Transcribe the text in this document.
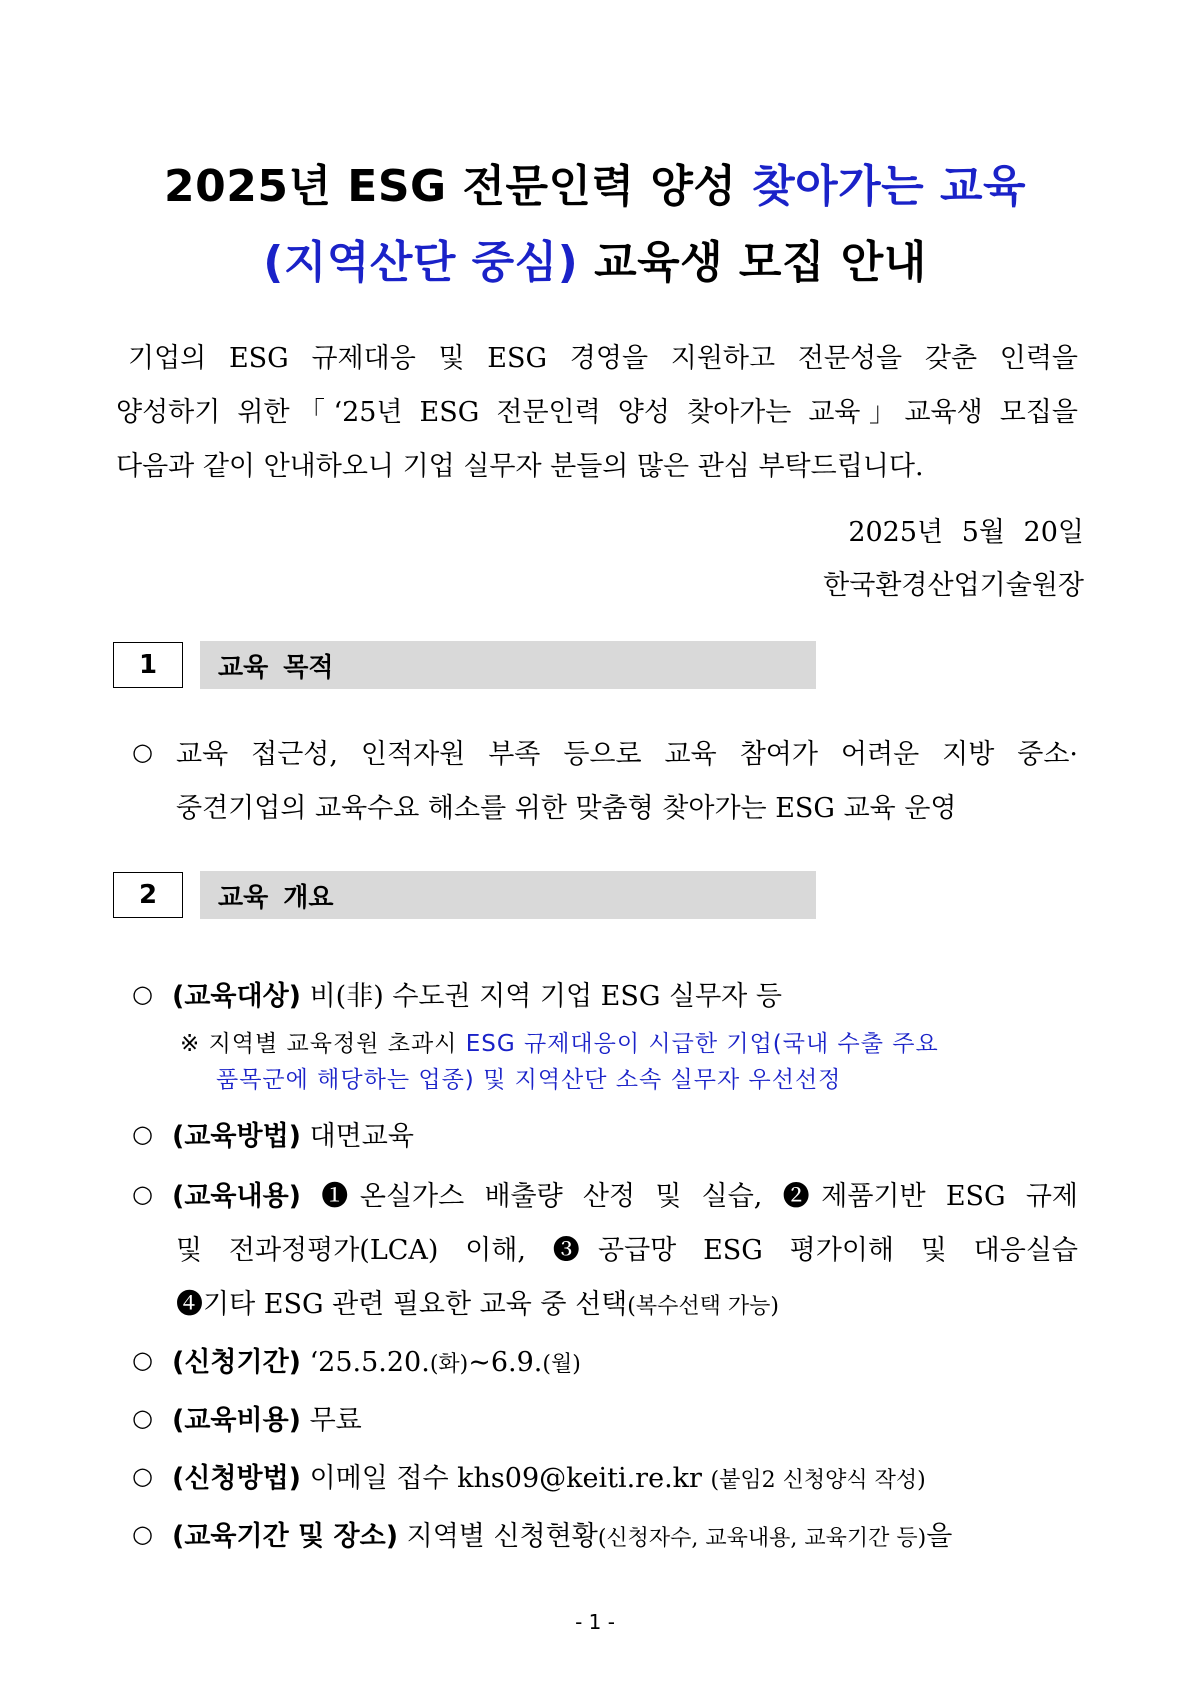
2025년 ESG 전문인력 양성 찾아가는 교육
(지역산단 중심) 교육생 모집 안내
기업의 ESG 규제대응 및 ESG 경영을 지원하고 전문성을 갖춘 인력을
양성하기 위한「‘25년 ESG 전문인력 양성 찾아가는 교육」교육생 모집을
다음과 같이 안내하오니 기업 실무자 분들의 많은 관심 부탁드립니다.
2025년 5월 20일
한국환경산업기술원장
1	교육 목적
○ 교육 접근성, 인적자원 부족 등으로 교육 참여가 어려운 지방 중소·
중견기업의 교육수요 해소를 위한 맞춤형 찾아가는 ESG 교육 운영
2	교육 개요
○ (교육대상) 비(非) 수도권 지역 기업 ESG 실무자 등
※ 지역별 교육정원 초과시 ESG 규제대응이 시급한 기업(국내 수출 주요
품목군에 해당하는 업종) 및 지역산단 소속 실무자 우선선정
○ (교육방법) 대면교육
○ (교육내용) ❶온실가스 배출량 산정 및 실습, ❷제품기반 ESG 규제
및 전과정평가(LCA) 이해, ❸공급망 ESG 평가이해 및 대응실습
❹기타 ESG 관련 필요한 교육 중 선택(복수선택 가능)
○ (신청기간) ‘25.5.20.(화)~6.9.(월)
○ (교육비용) 무료
○ (신청방법) 이메일 접수 khs09@keiti.re.kr (붙임2 신청양식 작성)
○ (교육기간 및 장소) 지역별 신청현황(신청자수, 교육내용, 교육기간 등)을
- 1 -
